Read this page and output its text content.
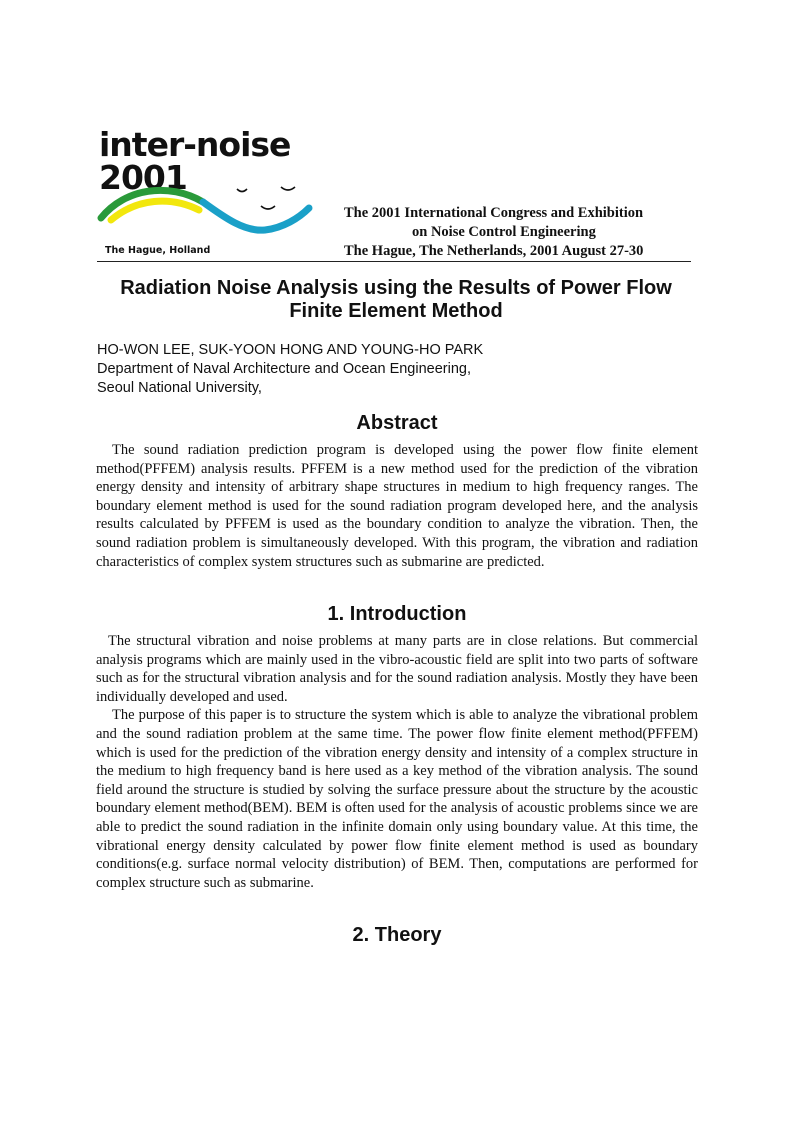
inter-noise 2001
The Hague, Holland
The 2001 International Congress and Exhibition
on Noise Control Engineering
The Hague, The Netherlands, 2001 August 27-30
Radiation Noise Analysis using the Results of Power Flow
Finite Element Method
HO-WON LEE, SUK-YOON HONG AND YOUNG-HO PARK
Department of Naval Architecture and Ocean Engineering,
Seoul National University,
Abstract

The sound radiation prediction program is developed using the power flow finite element method(PFFEM) analysis results. PFFEM is a new method used for the prediction of the vibration energy density and intensity of arbitrary shape structures in medium to high frequency ranges. The boundary element method is used for the sound radiation program developed here, and the analysis results calculated by PFFEM is used as the boundary condition to analyze the vibration. Then, the sound radiation problem is simultaneously developed. With this program, the vibration and radiation characteristics of complex system structures such as submarine are predicted.

1. Introduction

The structural vibration and noise problems at many parts are in close relations. But commercial analysis programs which are mainly used in the vibro-acoustic field are split into two parts of software such as for the structural vibration analysis and for the sound radiation analysis. Mostly they have been individually developed and used.

The purpose of this paper is to structure the system which is able to analyze the vibrational problem and the sound radiation problem at the same time. The power flow finite element method(PFFEM) which is used for the prediction of the vibration energy density and intensity of a complex structure in the medium to high frequency band is here used as a key method of the vibration analysis. The sound field around the structure is studied by solving the surface pressure about the structure by the acoustic boundary element method(BEM). BEM is often used for the analysis of acoustic problems since we are able to predict the sound radiation in the infinite domain only using boundary value. At this time, the vibrational energy density calculated by power flow finite element method is used as boundary conditions(e.g. surface normal velocity distribution) of BEM. Then, computations are performed for complex structure such as submarine.

2. Theory
